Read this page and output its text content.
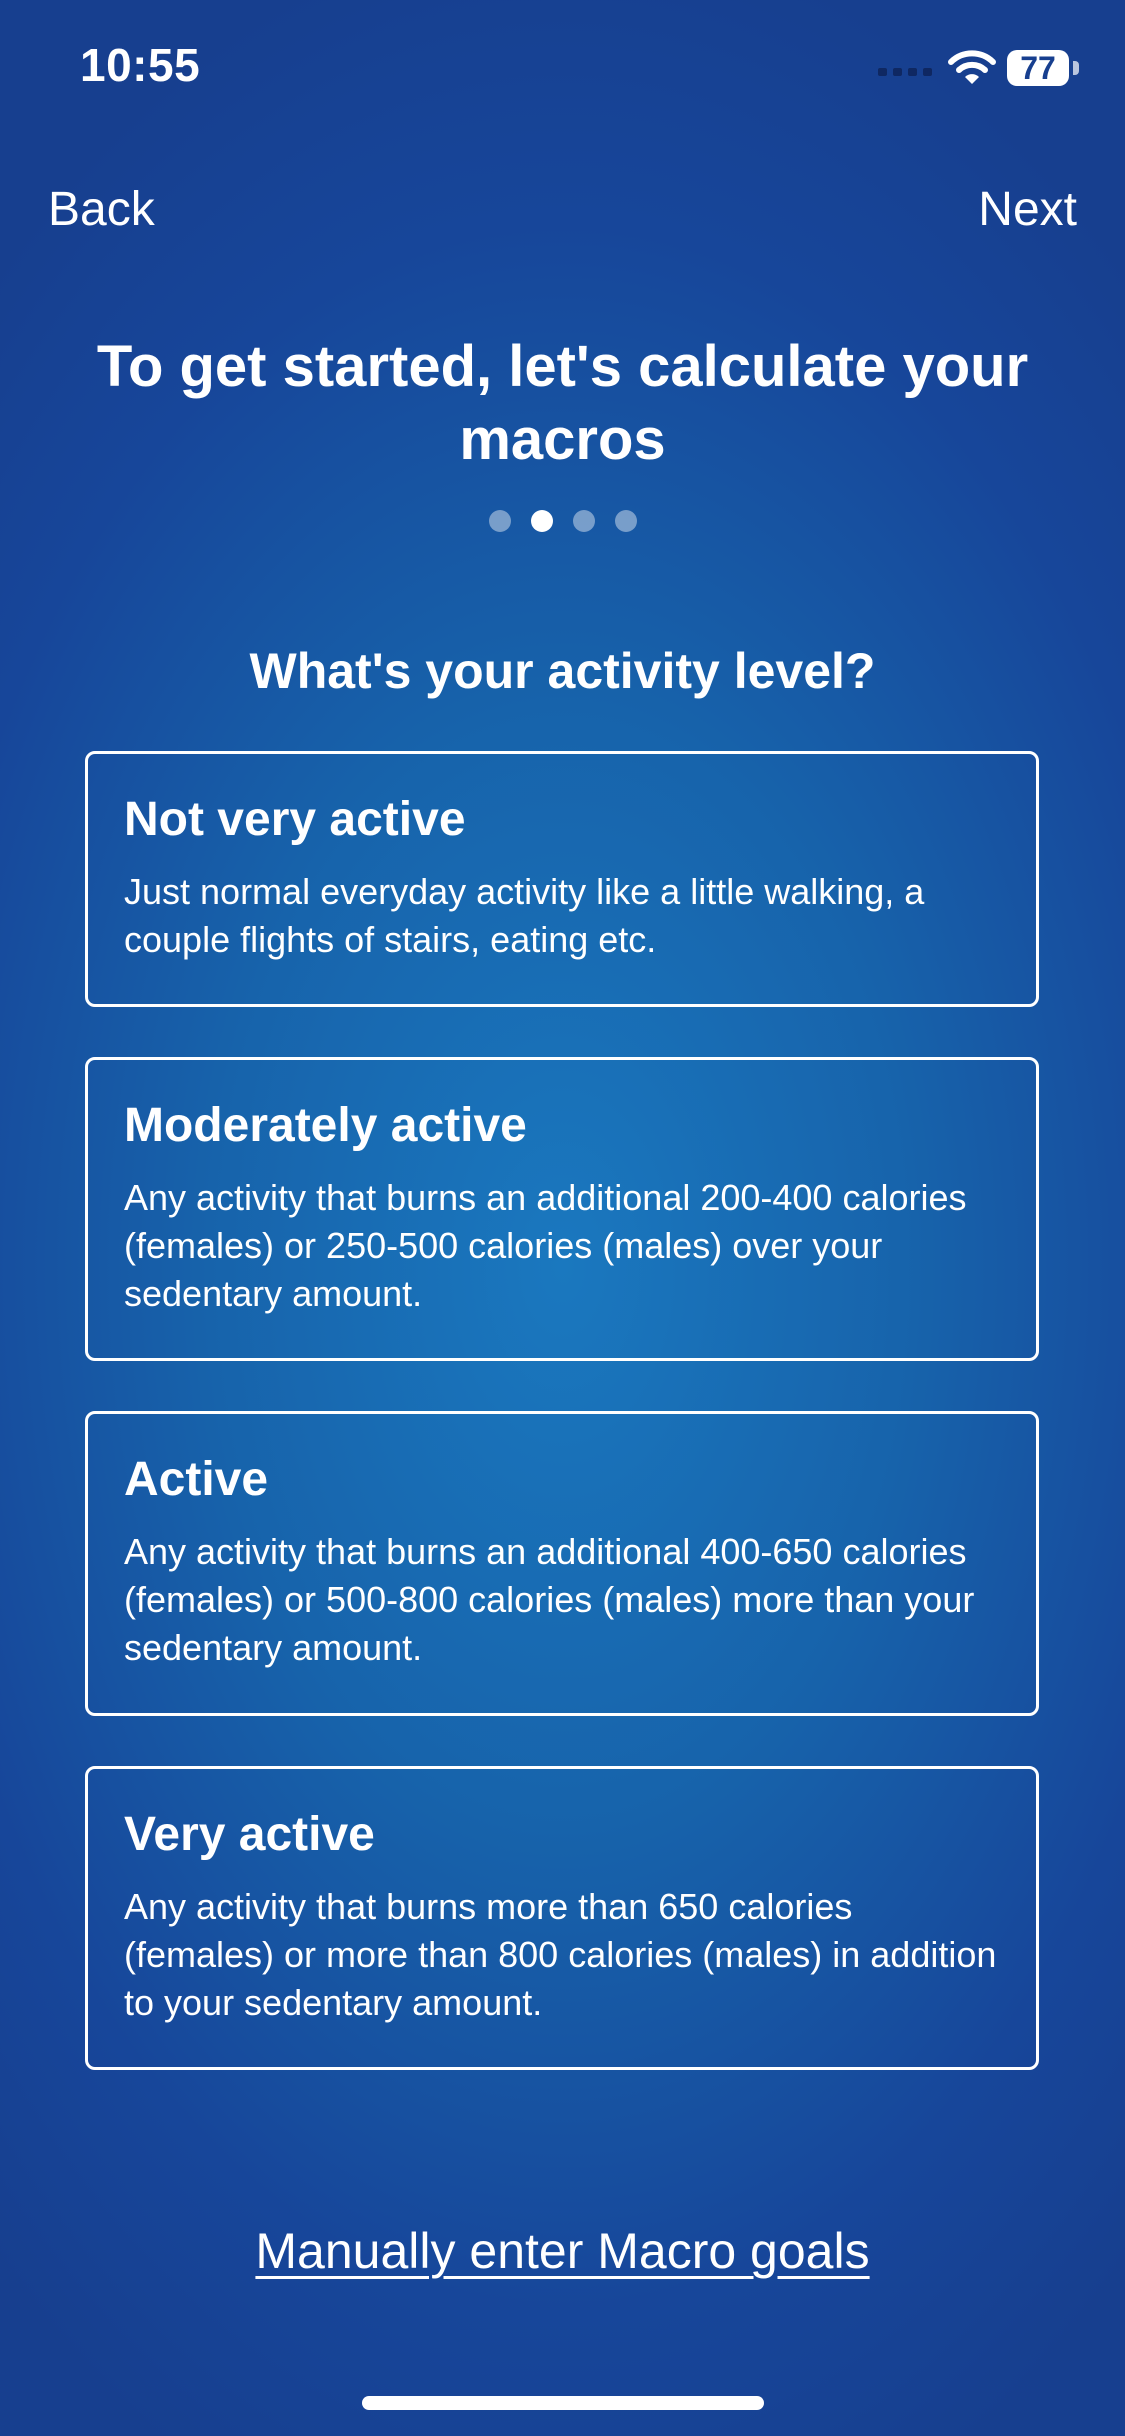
10:55	77
Back	Next
To get started, let's calculate your macros
What's your activity level?
Not very active
Just normal everyday activity like a little walking, a couple flights of stairs, eating etc.
Moderately active
Any activity that burns an additional 200-400 calories (females) or 250-500 calories (males) over your sedentary amount.
Active
Any activity that burns an additional 400-650 calories (females) or 500-800 calories (males) more than your sedentary amount.
Very active
Any activity that burns more than 650 calories (females) or more than 800 calories (males) in addition to your sedentary amount.
Manually enter Macro goals
